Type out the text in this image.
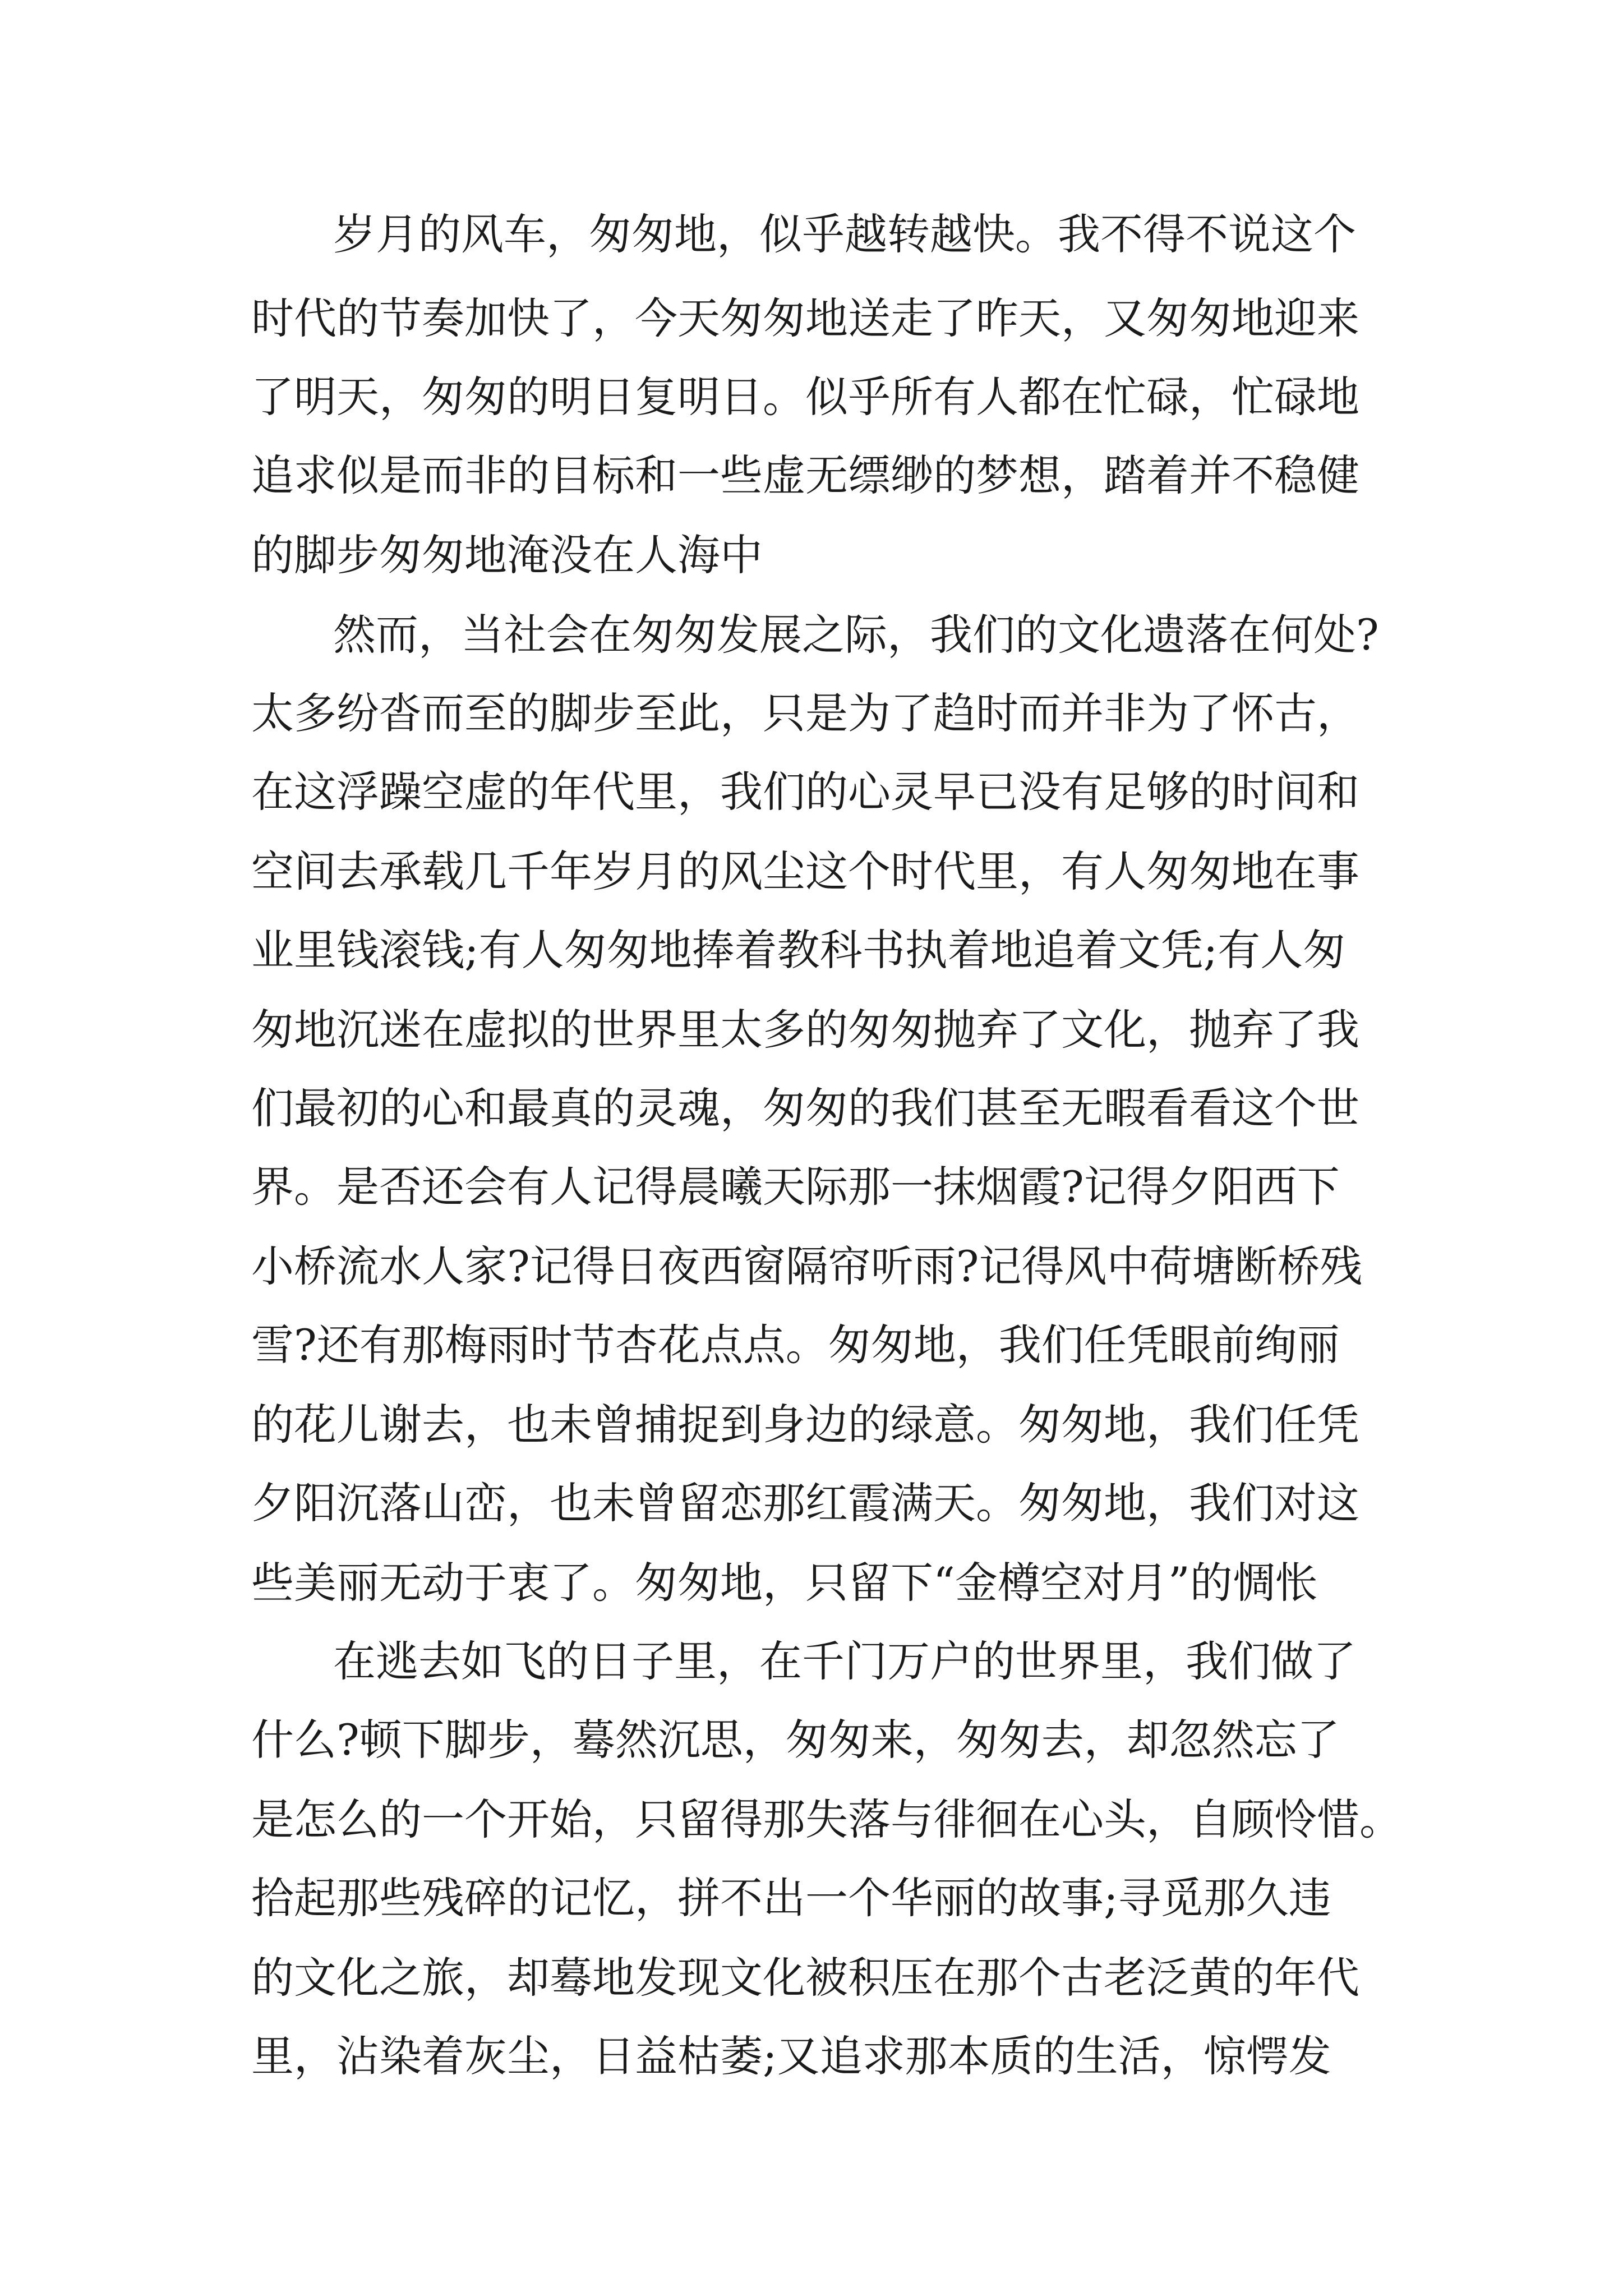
岁月的风车，匆匆地，似乎越转越快。我不得不说这个
时代的节奏加快了，今天匆匆地送走了昨天，又匆匆地迎来
了明天，匆匆的明日复明日。似乎所有人都在忙碌，忙碌地
追求似是而非的目标和一些虚无缥缈的梦想，踏着并不稳健
的脚步匆匆地淹没在人海中
然而，当社会在匆匆发展之际，我们的文化遗落在何处?
太多纷沓而至的脚步至此，只是为了趋时而并非为了怀古，
在这浮躁空虚的年代里，我们的心灵早已没有足够的时间和
空间去承载几千年岁月的风尘这个时代里，有人匆匆地在事
业里钱滚钱;有人匆匆地捧着教科书执着地追着文凭;有人匆
匆地沉迷在虚拟的世界里太多的匆匆抛弃了文化，抛弃了我
们最初的心和最真的灵魂，匆匆的我们甚至无暇看看这个世
界。是否还会有人记得晨曦天际那一抹烟霞?记得夕阳西下
小桥流水人家?记得日夜西窗隔帘听雨?记得风中荷塘断桥残
雪?还有那梅雨时节杏花点点。匆匆地，我们任凭眼前绚丽
的花儿谢去，也未曾捕捉到身边的绿意。匆匆地，我们任凭
夕阳沉落山峦，也未曾留恋那红霞满天。匆匆地，我们对这
些美丽无动于衷了。匆匆地，只留下“金樽空对月”的惆怅
在逃去如飞的日子里，在千门万户的世界里，我们做了
什么?顿下脚步，蓦然沉思，匆匆来，匆匆去，却忽然忘了
是怎么的一个开始，只留得那失落与徘徊在心头，自顾怜惜。
拾起那些残碎的记忆，拼不出一个华丽的故事;寻觅那久违
的文化之旅，却蓦地发现文化被积压在那个古老泛黄的年代
里，沾染着灰尘，日益枯萎;又追求那本质的生活，惊愕发
